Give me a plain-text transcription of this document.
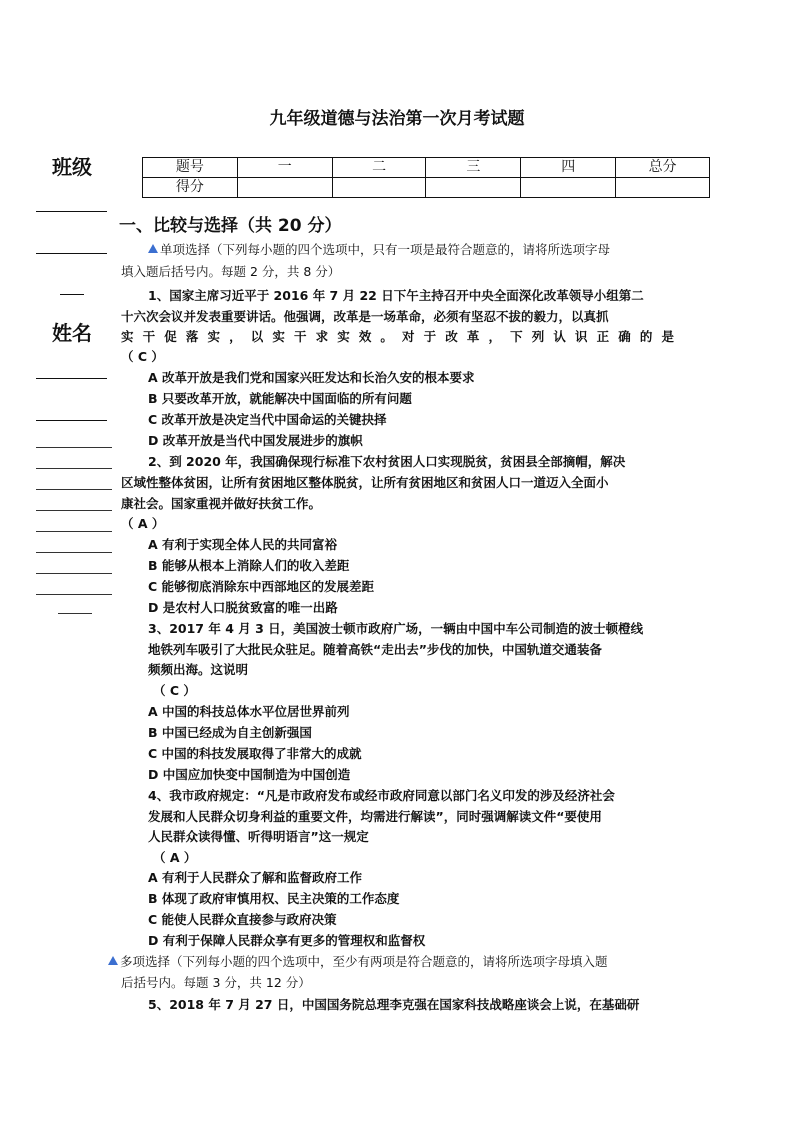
九年级道德与法治第一次月考试题
班级
姓名
题号	一	二	三	四	总分
得分					
一、比较与选择（共 20 分）
单项选择（下列每小题的四个选项中，只有一项是最符合题意的，请将所选项字母
填入题后括号内。每题 2 分，共 8 分）
1、国家主席习近平于 2016 年 7 月 22 日下午主持召开中央全面深化改革领导小组第二
十六次会议并发表重要讲话。他强调，改革是一场革命，必须有坚忍不拔的毅力，以真抓
实干促落实，以实干求实效。对于改革，下列认识正确的是
（ C ）
A 改革开放是我们党和国家兴旺发达和长治久安的根本要求
B 只要改革开放，就能解决中国面临的所有问题
C 改革开放是决定当代中国命运的关键抉择
D 改革开放是当代中国发展进步的旗帜
2、到 2020 年，我国确保现行标准下农村贫困人口实现脱贫，贫困县全部摘帽，解决
区域性整体贫困，让所有贫困地区整体脱贫，让所有贫困地区和贫困人口一道迈入全面小
康社会。国家重视并做好扶贫工作。
（ A ）
A 有利于实现全体人民的共同富裕
B 能够从根本上消除人们的收入差距
C 能够彻底消除东中西部地区的发展差距
D 是农村人口脱贫致富的唯一出路
3、2017 年 4 月 3 日，美国波士顿市政府广场，一辆由中国中车公司制造的波士顿橙线
地铁列车吸引了大批民众驻足。随着高铁“走出去”步伐的加快，中国轨道交通装备
频频出海。这说明
（ C ）
A 中国的科技总体水平位居世界前列
B 中国已经成为自主创新强国
C 中国的科技发展取得了非常大的成就
D 中国应加快变中国制造为中国创造
4、我市政府规定：“凡是市政府发布或经市政府同意以部门名义印发的涉及经济社会
发展和人民群众切身利益的重要文件，均需进行解读”，同时强调解读文件“要使用
人民群众读得懂、听得明语言”这一规定
（ A ）
A 有利于人民群众了解和监督政府工作
B 体现了政府审慎用权、民主决策的工作态度
C 能使人民群众直接参与政府决策
D 有利于保障人民群众享有更多的管理权和监督权
多项选择（下列每小题的四个选项中，至少有两项是符合题意的，请将所选项字母填入题
后括号内。每题 3 分，共 12 分）
5、2018 年 7 月 27 日，中国国务院总理李克强在国家科技战略座谈会上说，在基础研
